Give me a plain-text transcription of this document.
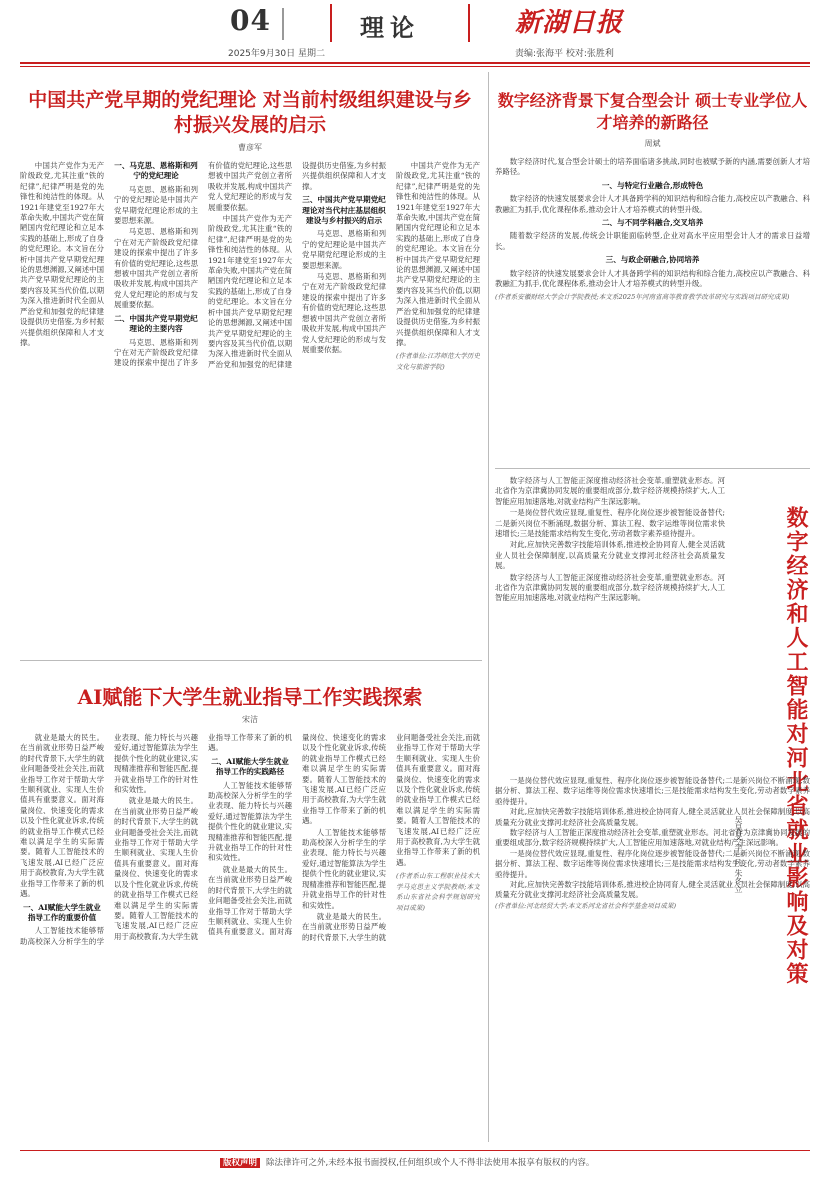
04	理论
2025年9月30日 星期二
新湖日报
责编:张海平 校对:张胜利
中国共产党早期的党纪理论 对当前村级组织建设与乡村振兴发展的启示
曹彦军

中国共产党作为无产阶级政党,尤其注重“铁的纪律”,纪律严明是党的先锋性和纯洁性的体现。从1921年建党至1927年大革命失败,中国共产党在简陋国内党纪理论和立足本实践的基础上,形成了自身的党纪理论。本文旨在分析中国共产党早期党纪理论的思想渊源,又阐述中国共产党早期党纪理论的主要内容及其当代价值,以期为深入推进新时代全面从严治党和加强党的纪律建设提供历史借鉴,为乡村振兴提供组织保障和人才支撑。

一、马克思、恩格斯和列宁的党纪理论

马克思、恩格斯和列宁的党纪理论是中国共产党早期党纪理论形成的主要思想来源。

马克思、恩格斯和列宁在对无产阶级政党纪律建设的探索中提出了许多有价值的党纪理论,这些思想被中国共产党创立者所吸收并发展,构成中国共产党人党纪理论的形成与发展重要依据。

二、中国共产党早期党纪理论的主要内容

马克思、恩格斯和列宁在对无产阶级政党纪律建设的探索中提出了许多有价值的党纪理论,这些思想被中国共产党创立者所吸收并发展,构成中国共产党人党纪理论的形成与发展重要依据。

中国共产党作为无产阶级政党,尤其注重“铁的纪律”,纪律严明是党的先锋性和纯洁性的体现。从1921年建党至1927年大革命失败,中国共产党在简陋国内党纪理论和立足本实践的基础上,形成了自身的党纪理论。本文旨在分析中国共产党早期党纪理论的思想渊源,又阐述中国共产党早期党纪理论的主要内容及其当代价值,以期为深入推进新时代全面从严治党和加强党的纪律建设提供历史借鉴,为乡村振兴提供组织保障和人才支撑。

三、中国共产党早期党纪理论对当代村庄基层组织建设与乡村振兴的启示

马克思、恩格斯和列宁的党纪理论是中国共产党早期党纪理论形成的主要思想来源。

马克思、恩格斯和列宁在对无产阶级政党纪律建设的探索中提出了许多有价值的党纪理论,这些思想被中国共产党创立者所吸收并发展,构成中国共产党人党纪理论的形成与发展重要依据。

中国共产党作为无产阶级政党,尤其注重“铁的纪律”,纪律严明是党的先锋性和纯洁性的体现。从1921年建党至1927年大革命失败,中国共产党在简陋国内党纪理论和立足本实践的基础上,形成了自身的党纪理论。本文旨在分析中国共产党早期党纪理论的思想渊源,又阐述中国共产党早期党纪理论的主要内容及其当代价值,以期为深入推进新时代全面从严治党和加强党的纪律建设提供历史借鉴,为乡村振兴提供组织保障和人才支撑。

(作者单位:江苏师范大学历史文化与旅游学院)

AI赋能下大学生就业指导工作实践探索
宋洁

就业是最大的民生。在当前就业形势日益严峻的时代背景下,大学生的就业问题备受社会关注,而就业指导工作对于帮助大学生顺利就业、实现人生价值具有重要意义。面对海量岗位、快速变化的需求以及个性化就业诉求,传统的就业指导工作模式已经难以满足学生的实际需要。随着人工智能技术的飞速发展,AI已经广泛应用于高校教育,为大学生就业指导工作带来了新的机遇。

一、AI赋能大学生就业指导工作的重要价值

人工智能技术能够帮助高校深入分析学生的学业表现、能力特长与兴趣爱好,通过智能算法为学生提供个性化的就业建议,实现精准推荐和智能匹配,提升就业指导工作的针对性和实效性。

就业是最大的民生。在当前就业形势日益严峻的时代背景下,大学生的就业问题备受社会关注,而就业指导工作对于帮助大学生顺利就业、实现人生价值具有重要意义。面对海量岗位、快速变化的需求以及个性化就业诉求,传统的就业指导工作模式已经难以满足学生的实际需要。随着人工智能技术的飞速发展,AI已经广泛应用于高校教育,为大学生就业指导工作带来了新的机遇。

二、AI赋能大学生就业指导工作的实践路径

人工智能技术能够帮助高校深入分析学生的学业表现、能力特长与兴趣爱好,通过智能算法为学生提供个性化的就业建议,实现精准推荐和智能匹配,提升就业指导工作的针对性和实效性。

就业是最大的民生。在当前就业形势日益严峻的时代背景下,大学生的就业问题备受社会关注,而就业指导工作对于帮助大学生顺利就业、实现人生价值具有重要意义。面对海量岗位、快速变化的需求以及个性化就业诉求,传统的就业指导工作模式已经难以满足学生的实际需要。随着人工智能技术的飞速发展,AI已经广泛应用于高校教育,为大学生就业指导工作带来了新的机遇。

人工智能技术能够帮助高校深入分析学生的学业表现、能力特长与兴趣爱好,通过智能算法为学生提供个性化的就业建议,实现精准推荐和智能匹配,提升就业指导工作的针对性和实效性。

就业是最大的民生。在当前就业形势日益严峻的时代背景下,大学生的就业问题备受社会关注,而就业指导工作对于帮助大学生顺利就业、实现人生价值具有重要意义。面对海量岗位、快速变化的需求以及个性化就业诉求,传统的就业指导工作模式已经难以满足学生的实际需要。随着人工智能技术的飞速发展,AI已经广泛应用于高校教育,为大学生就业指导工作带来了新的机遇。

(作者系山东工程职业技术大学马克思主义学院教师;本文系山东省社会科学规划研究项目成果)

数字经济背景下复合型会计 硕士专业学位人才培养的新路径
周斌

数字经济时代,复合型会计硕士的培养面临诸多挑战,同时也被赋予新的内涵,需要创新人才培养路径。

一、与特定行业融合,形成特色

数字经济的快速发展要求会计人才具备跨学科的知识结构和综合能力,高校应以产教融合、科教融汇为抓手,优化课程体系,推动会计人才培养模式的转型升级。

二、与不同学科融合,交叉培养

随着数字经济的发展,传统会计职能面临转型,企业对高水平应用型会计人才的需求日益增长。

三、与政企研融合,协同培养

数字经济的快速发展要求会计人才具备跨学科的知识结构和综合能力,高校应以产教融合、科教融汇为抓手,优化课程体系,推动会计人才培养模式的转型升级。

(作者系安徽财经大学会计学院教授;本文系2025年河南省高等教育教学改革研究与实践项目研究成果)

数字经济与人工智能正深度推动经济社会变革,重塑就业形态。河北省作为京津冀协同发展的重要组成部分,数字经济规模持续扩大,人工智能应用加速落地,对就业结构产生深远影响。

一是岗位替代效应显现,重复性、程序化岗位逐步被智能设备替代;二是新兴岗位不断涌现,数据分析、算法工程、数字运维等岗位需求快速增长;三是技能需求结构发生变化,劳动者数字素养亟待提升。

对此,应加快完善数字技能培训体系,推进校企协同育人,健全灵活就业人员社会保障制度,以高质量充分就业支撑河北经济社会高质量发展。

数字经济与人工智能正深度推动经济社会变革,重塑就业形态。河北省作为京津冀协同发展的重要组成部分,数字经济规模持续扩大,人工智能应用加速落地,对就业结构产生深远影响。	数字经济和人工智能对河北省就业影响及对策
吴昊旻 李一凡 朱冬立

一是岗位替代效应显现,重复性、程序化岗位逐步被智能设备替代;二是新兴岗位不断涌现,数据分析、算法工程、数字运维等岗位需求快速增长;三是技能需求结构发生变化,劳动者数字素养亟待提升。

对此,应加快完善数字技能培训体系,推进校企协同育人,健全灵活就业人员社会保障制度,以高质量充分就业支撑河北经济社会高质量发展。

数字经济与人工智能正深度推动经济社会变革,重塑就业形态。河北省作为京津冀协同发展的重要组成部分,数字经济规模持续扩大,人工智能应用加速落地,对就业结构产生深远影响。

一是岗位替代效应显现,重复性、程序化岗位逐步被智能设备替代;二是新兴岗位不断涌现,数据分析、算法工程、数字运维等岗位需求快速增长;三是技能需求结构发生变化,劳动者数字素养亟待提升。

对此,应加快完善数字技能培训体系,推进校企协同育人,健全灵活就业人员社会保障制度,以高质量充分就业支撑河北经济社会高质量发展。

(作者单位:河北经贸大学;本文系河北省社会科学基金项目成果)

版权声明 除法律许可之外,未经本报书面授权,任何组织或个人不得非法使用本报享有版权的内容。
